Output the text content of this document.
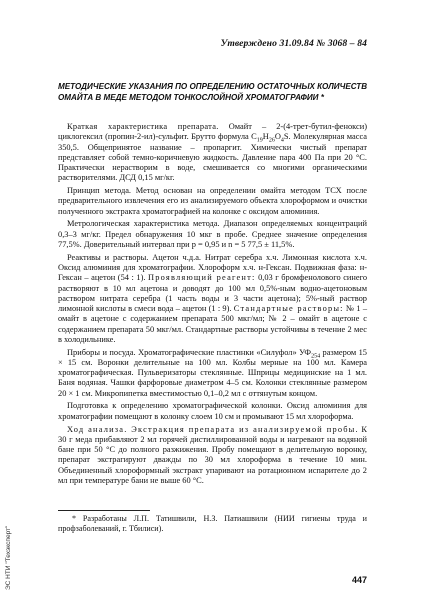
Утверждено 31.09.84 № 3068 – 84
МЕТОДИЧЕСКИЕ УКАЗАНИЯ ПО ОПРЕДЕЛЕНИЮ ОСТАТОЧНЫХ КОЛИЧЕСТВ ОМАЙТА В МЕДЕ МЕТОДОМ ТОНКОСЛОЙНОЙ ХРОМАТОГРАФИИ *

Краткая характеристика препарата. Омайт – 2-(4-трет-бутил-фенокси) циклогексил (пропин-2-ил)-сульфит. Брутто формула $C_{19}H_{26}O_4S$. Молекулярная масса 350,5. Общепринятое название – пропаргит. Химически чистый препарат представляет собой темно-коричневую жидкость. Давление пара 400 Па при 20 °С. Практически нерастворим в воде, смешивается со многими органическими растворителями. ДСД 0,15 мг/кг.

Принцип метода. Метод основан на определении омайта методом ТСХ после предварительного извлечения его из анализируемого объекта хлороформом и очистки полученного экстракта хроматографией на колонке с оксидом алюминия.

Метрологическая характеристика метода. Диапазон определяемых концентраций 0,3–3 мг/кг. Предел обнаружения 10 мкг в пробе. Среднее значение определения 77,5%. Доверительный интервал при p = 0,95 и n = 5 77,5 ± 11,5%.

Реактивы и растворы. Ацетон ч.д.а. Нитрат серебра х.ч. Лимонная кислота х.ч. Оксид алюминия для хроматографии. Хлороформ х.ч. н-Гексан. Подвижная фаза: н-Гексан – ацетон (54 : 1). Проявляющий реагент: 0,03 г бромфенолового синего растворяют в 10 мл ацетона и доводят до 100 мл 0,5%-ным водно-ацетоновым раствором нитрата серебра (1 часть воды и 3 части ацетона); 5%-ный раствор лимонной кислоты в смеси вода – ацетон (1 : 9). Стандартные растворы: № 1 – омайт в ацетоне с содержанием препарата 500 мкг/мл; № 2 – омайт в ацетоне с содержанием препарата 50 мкг/мл. Стандартные растворы устойчивы в течение 2 мес в холодильнике.

Приборы и посуда. Хроматографические пластинки «Силуфол» $УФ_{254}$ размером 15 × 15 см. Воронки делительные на 100 мл. Колбы мерные на 100 мл. Камера хроматографическая. Пульверизаторы стеклянные. Шприцы медицинские на 1 мл. Баня водяная. Чашки фарфоровые диаметром 4–5 см. Колонки стеклянные размером 20 × 1 см. Микропипетка вместимостью 0,1–0,2 мл с оттянутым концом.

Подготовка к определению хроматографической колонки. Оксид алюминия для хроматографии помещают в колонку слоем 10 см и промывают 15 мл хлороформа.

Ход анализа. Экстракция препарата из анализируемой пробы. К 30 г меда прибавляют 2 мл горячей дистиллированной воды и нагревают на водяной бане при 50 °С до полного разжижения. Пробу помещают в делительную воронку, препарат экстрагируют дважды по 30 мл хлороформа в течение 10 мин. Объединенный хлороформный экстракт упаривают на ротационном испарителе до 2 мл при температуре бани не выше 60 °С.

* Разработаны Л.П. Татишвили, Н.З. Патиашвили (НИИ гигиены труда и профзаболеваний, г. Тбилиси).
447
ЭС НТИ "Техэксперт"
